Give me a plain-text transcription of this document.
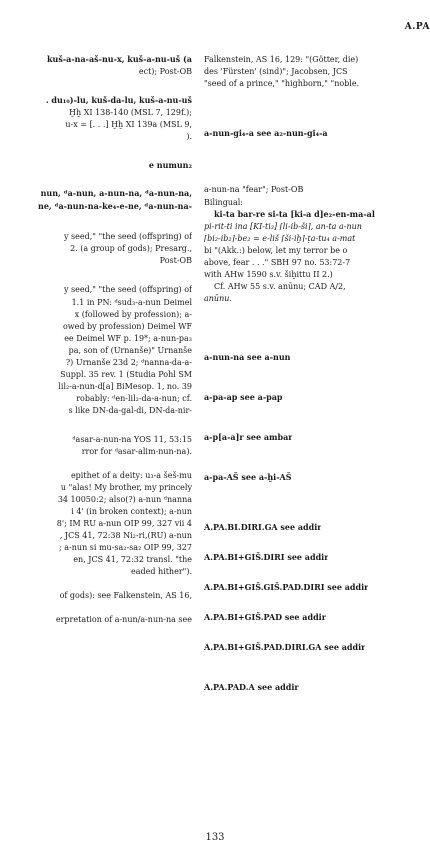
A.PA
kuš-a-na-aš-nu-x, kuš-a-nu-uš (a
ect); Post-OB
. du₁₀)-lu, kuš-da-lu, kuš-a-nu-uš
Ḫḫ XI 138-140 (MSL 7, 129f.);
u-x = [. . .] Ḫḫ XI 139a (MSL 9,
).
e numun₂
nun, ᵈa-nun, a-nun-na, ᵈa-nun-na,
ne, ᵈa-nun-na-ke₄-e-ne, ᵈa-nun-na-
y seed," "the seed (offspring) of
2. (a group of gods); Presarg.,
Post-OB
y seed," "the seed (offspring) of
1.1 in PN: ᵈsud₃-a-nun Deimel
x (followed by profession); a-
owed by profession) Deimel WF
ee Deimel WF p. 19*; a-nun-pa₃
pa, son of (Urnanše)" Urnanše
?) Urnanše 23d 2; ᵈnanna-da-a-
Suppl. 35 rev. 1 (Studia Pohl SM
lil₂-a-nun-d[a] BiMesop. 1, no. 39
robably: ᵈen-lil₂-da-a-nun; cf.
s like DN-da-gal-di, DN-da-nir-
ᵈasar-a-nun-na YOS 11, 53:15
rror for ᵈasar-alim-nun-na).
epithet of a deity: u₃-a šeš-mu
u "alas! My brother, my princely
34 10050:2; also(?) a-nun ᵈnanna
i 4' (in broken context); a-nun
8'; IM RU a-nun OIP 99, 327 vii 4
, JCS 41, 72:38 Ni₂-ri,(RU) a-nun
; a-nun si mu-sa₂-sa₂ OIP 99, 327
en, JCS 41, 72:32 transl. "the
eaded hither").
of gods): see Falkenstein, AS 16,
erpretation of a-nun/a-nun-na see
Falkenstein, AS 16, 129: "(Götter, die)
des 'Fürsten' (sind)"; Jacobsen, JCS
"seed of a prince," "highborn," "noble.
a-nun-gi₄-a see a₂-nun-gi₄-a
a-nun-na "fear"; Post-OB
Bilingual:
ki-ta bar-re si-ta [ki-a d]e₂-en-ma-al
pi-rit-ti ina [KI-ti₃] ⌈li-ib-ši⌉, an-ta a-nun
⌈bi₂-ib₂⌉-be₂ = e-liš ⌈ši-iḫ⌉-ṭa-tu₄ a-mat
bi "(Akk.:) below, let my terror be o
above, fear . . ." SBH 97 no. 53:72-7
with AHw 1590 s.v. šiḫittu II 2.)
Cf. AHw 55 s.v. anūnu; CAD A/2,
anūnu.
a-nun-na see a-nun
a-pa-ap see a-pap
a-p[a-a]r see ambar
a-pa-AŠ see a-ḫi-AŠ
A.PA.BI.DIRI.GA see addir
A.PA.BI+GIŠ.DIRI see addir
A.PA.BI+GIŠ.GIŠ.PAD.DIRI see addir
A.PA.BI+GIŠ.PAD see addir
A.PA.BI+GIŠ.PAD.DIRI.GA see addir
A.PA.PAD.A see addir
133
